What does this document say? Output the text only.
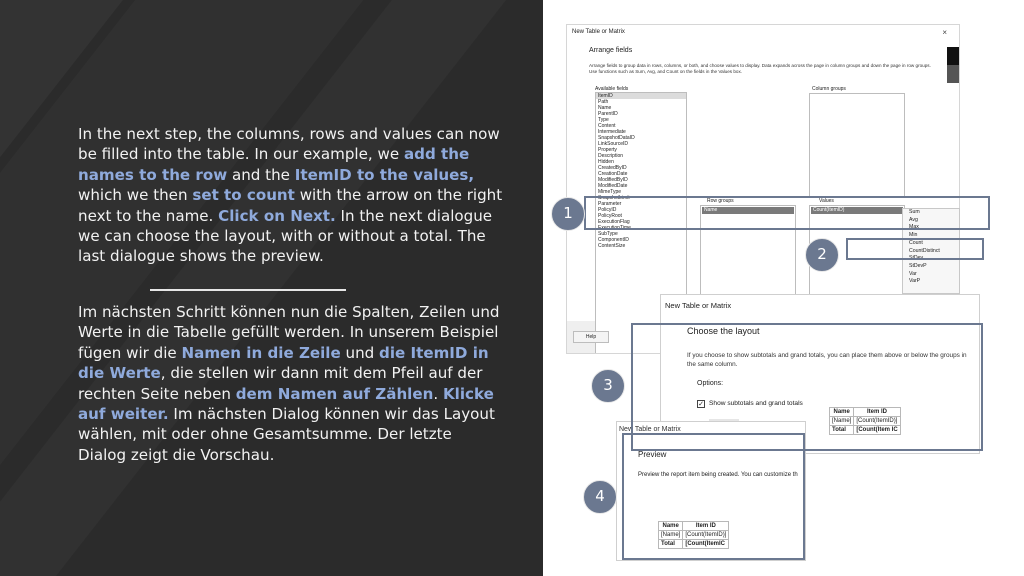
In the next step, the columns, rows and values can now be filled into the table. In our example, we add the names to the row and the ItemID to the values, which we then set to count with the arrow on the right next to the name. Click on Next. In the next dialogue we can choose the layout, with or without a total. The last dialogue shows the preview.

Im nächsten Schritt können nun die Spalten, Zeilen und Werte in die Tabelle gefüllt werden. In unserem Beispiel fügen wir die Namen in die Zeile und die ItemID in die Werte, die stellen wir dann mit dem Pfeil auf der rechten Seite neben dem Namen auf Zählen. Klicke auf weiter. Im nächsten Dialog können wir das Layout wählen, mit oder ohne Gesamtsumme. Der letzte Dialog zeigt die Vorschau.

New Table or Matrix	×
Arrange fields
Arrange fields to group data in rows, columns, or both, and choose values to display. Data expands across the page in column groups and down the page in row groups. Use functions such as Sum, Avg, and Count on the fields in the Values box.
Available fields
ItemID
Path
Name
ParentID
Type
Content
Intermediate
SnapshotDataID
LinkSourceID
Property
Description
Hidden
CreatedByID
CreationDate
ModifiedByID
ModifiedDate
MimeType
SnapshotLimit
Parameter
PolicyID
PolicyRoot
ExecutionFlag
ExecutionTime
SubType
ComponentID
ContentSize
Column groups
Row groups
Name
Values
Count(ItemID)
Help
Sum
Avg
Max
Min
Count
CountDistinct
StDev
StDevP
Var
VarP
New Table or Matrix
Choose the layout
If you choose to show subtotals and grand totals, you can place them above or below the groups in the same column.
Options:
✓ Show subtotals and grand totals
Name	Item ID
[Name]	[Count(ItemID)]
Total	[Count(Item IC
New Table or Matrix
Preview
Preview the report item being created. You can customize th
Name	Item ID
[Name]	[Count(ItemID)]
Total	[Count(ItemIC
1
2
3
4
